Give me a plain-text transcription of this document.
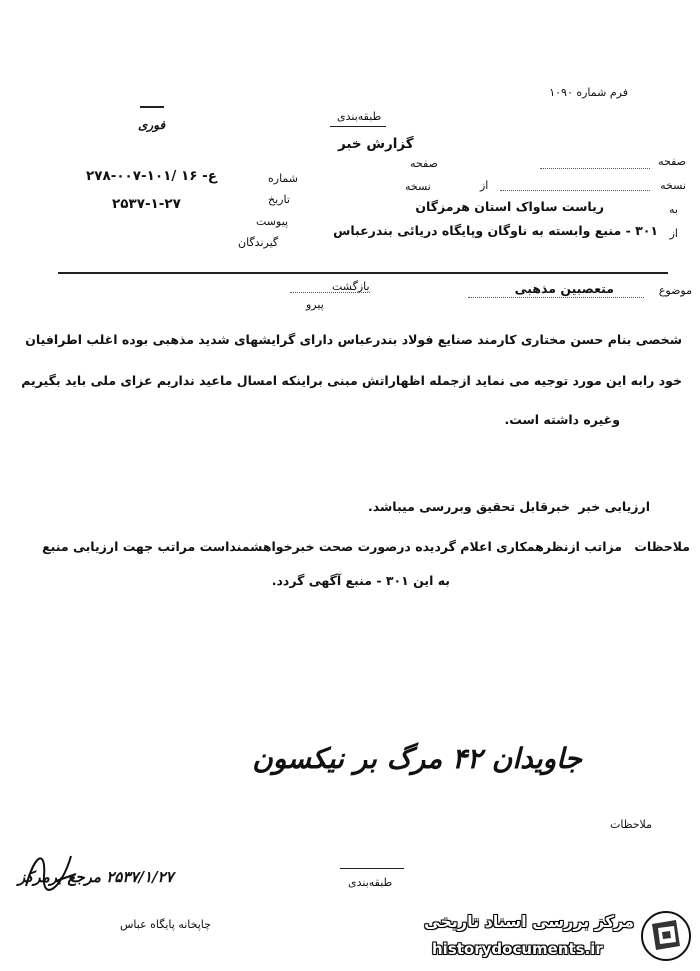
فرم شماره ۱۰۹۰
فوری
شماره
۲۷۸-۰۰۷-۱۰۱/ ۱۶ -ع
تاریخ
۲۵۳۷-۱-۲۷
پیوست
گیرندگان
طبقه‌بندی
گزارش خبر
صفحه
نسخه
صفحه
نسخه
از
به
ریاست ساواک استان هرمزگان
از
۳۰۱ - منبع وابسته به ناوگان وپایگاه دریائی بندرعباس
موضوع
متعصبین مذهبی
بازگشت
پیرو
شخصی بنام حسن مختاری کارمند صنایع فولاد بندرعباس دارای گرایشهای شدید مذهبی بوده اغلب اطرافیان
خود رابه این مورد توجیه می نماید ازجمله اظهاراتش مبنی براینکه امسال ماعید نداریم عزای ملی باید بگیریم
وغیره داشته است.
ارزیابی خبر
خبرقابل تحقیق وبررسی میباشد.
ملاحظات
مزاتب ازنظرهمکاری اعلام گردیده درصورت صحت خبرخواهشمنداست مراتب جهت ارزیابی منبع
به این ۳۰۱ - منبع آگهی گردد.
جاویدان ۴۲ مرگ بر نیکسون
ملاحظات
طبقه‌بندی
۲۵۳۷/۱/۲۷ مرجع برمرکز
چاپخانه پایگاه عباس	مرکز بررسی اسناد تاریخی
historydocuments.ir
